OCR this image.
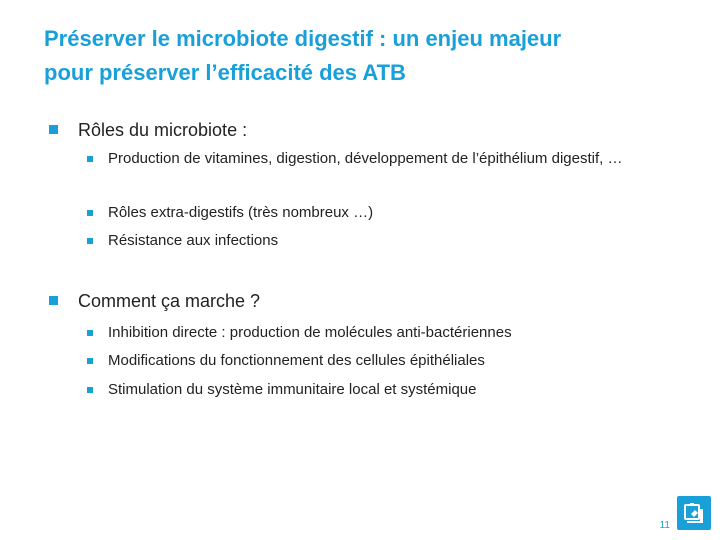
Préserver le microbiote digestif : un enjeu majeur
pour préserver l’efficacité des ATB
Rôles du microbiote :
Production de vitamines, digestion, développement de l’épithélium digestif, …
Rôles extra-digestifs (très nombreux …)
Résistance aux infections
Comment ça marche ?
Inhibition directe : production de molécules anti-bactériennes
Modifications du fonctionnement des cellules épithéliales
Stimulation du système immunitaire local et systémique
11
